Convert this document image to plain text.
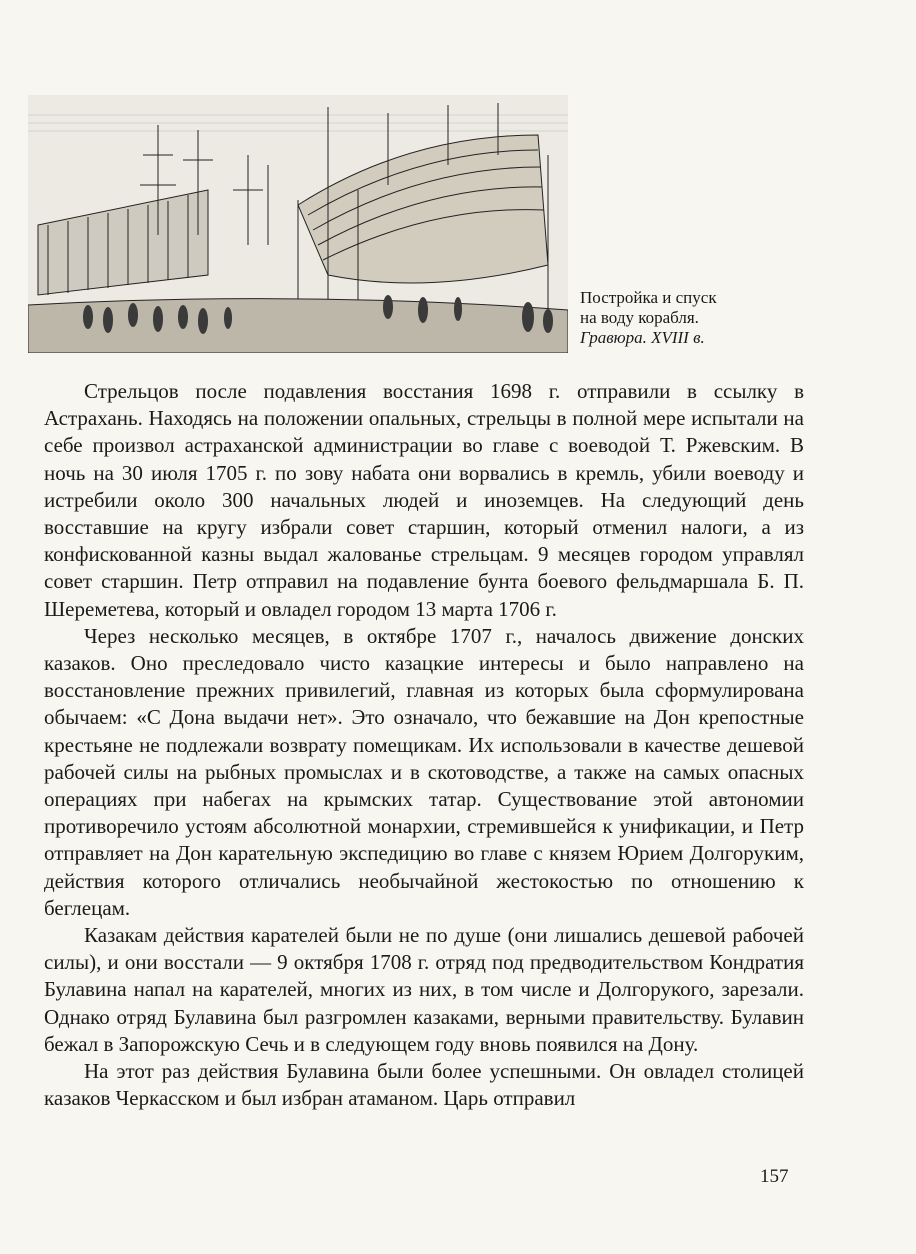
Постройка и спуск
на воду корабля.
Гравюра. XVIII в.

Стрельцов после подавления восстания 1698 г. отправили в ссылку в Астрахань. Находясь на положении опальных, стрельцы в полной мере испытали на себе произвол астраханской администрации во главе с воеводой Т. Ржевским. В ночь на 30 июля 1705 г. по зову набата они ворвались в кремль, убили воеводу и истребили около 300 начальных людей и иноземцев. На следующий день восставшие на кругу избрали совет старшин, который отменил налоги, а из конфискованной казны выдал жалованье стрельцам. 9 месяцев городом управлял совет старшин. Петр отправил на подавление бунта боевого фельдмаршала Б. П. Шереметева, который и овладел городом 13 марта 1706 г.

Через несколько месяцев, в октябре 1707 г., началось движение донских казаков. Оно преследовало чисто казацкие интересы и было направлено на восстановление прежних привилегий, главная из которых была сформулирована обычаем: «С Дона выдачи нет». Это означало, что бежавшие на Дон крепостные крестьяне не подлежали возврату помещикам. Их использовали в качестве дешевой рабочей силы на рыбных промыслах и в скотоводстве, а также на самых опасных операциях при набегах на крымских татар. Существование этой автономии противоречило устоям абсолютной монархии, стремившейся к унификации, и Петр отправляет на Дон карательную экспедицию во главе с князем Юрием Долгоруким, действия которого отличались необычайной жестокостью по отношению к беглецам.

Казакам действия карателей были не по душе (они лишались дешевой рабочей силы), и они восстали — 9 октября 1708 г. отряд под предводительством Кондратия Булавина напал на карателей, многих из них, в том числе и Долгорукого, зарезали. Однако отряд Булавина был разгромлен казаками, верными правительству. Булавин бежал в Запорожскую Сечь и в следующем году вновь появился на Дону.

На этот раз действия Булавина были более успешными. Он овладел столицей казаков Черкасском и был избран атаманом. Царь отправил

157
